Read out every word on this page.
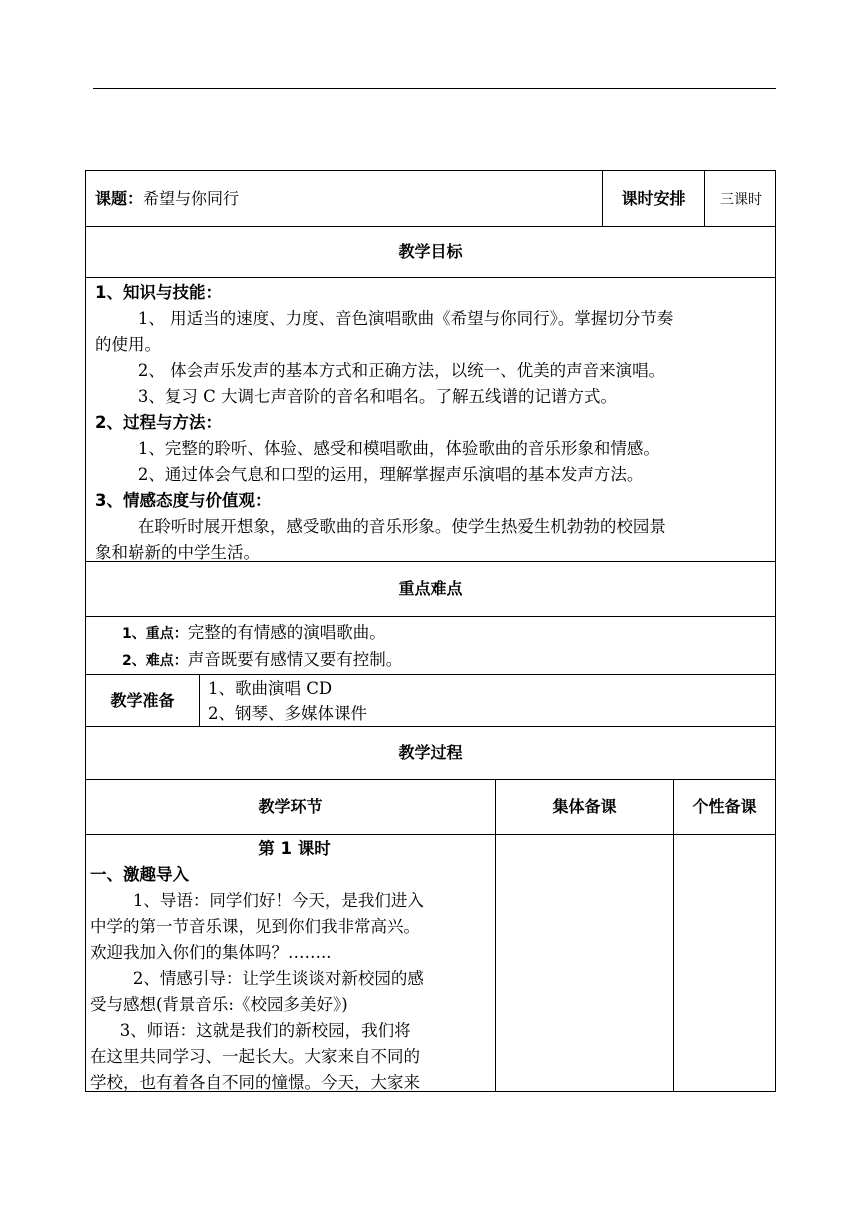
课题： 希望与你同行	课时安排 三课时
教学目标

1、知识与技能：

1、 用适当的速度、力度、音色演唱歌曲《希望与你同行》。掌握切分节奏

的使用。

2、 体会声乐发声的基本方式和正确方法，以统一、优美的声音来演唱。

3、复习 C 大调七声音阶的音名和唱名。了解五线谱的记谱方式。

2、过程与方法：

1、完整的聆听、体验、感受和模唱歌曲，体验歌曲的音乐形象和情感。

2、通过体会气息和口型的运用，理解掌握声乐演唱的基本发声方法。

3、情感态度与价值观：

在聆听时展开想象，感受歌曲的音乐形象。使学生热爱生机勃勃的校园景

象和崭新的中学生活。

重点难点

1、重点：完整的有情感的演唱歌曲。

2、难点：声音既要有感情又要有控制。

教学准备

1、歌曲演唱 CD

2、钢琴、多媒体课件

教学过程
教学环节	集体备课	个性备课

第 1 课时

一、激趣导入

1、导语：同学们好！今天，是我们进入

中学的第一节音乐课，见到你们我非常高兴。

欢迎我加入你们的集体吗？……..

2、情感引导：让学生谈谈对新校园的感

受与感想(背景音乐:《校园多美好》)

3、师语：这就是我们的新校园，我们将

在这里共同学习、一起长大。大家来自不同的

学校，也有着各自不同的憧憬。今天，大家来
